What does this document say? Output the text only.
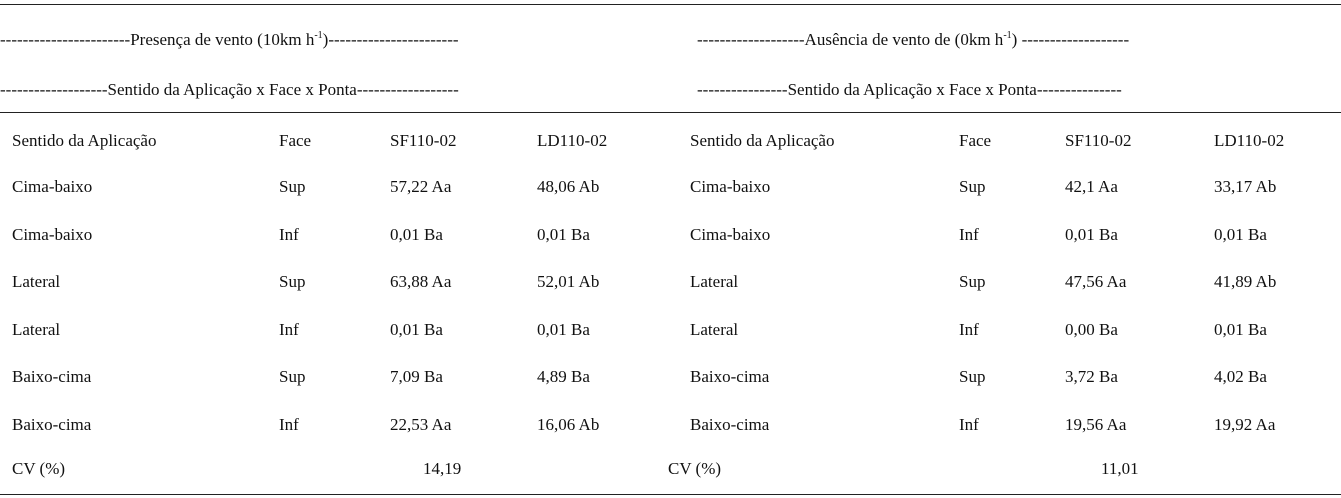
-----------------------Presença de vento (10km $h^{-1})-----------------------$
-------------------Sentido da Aplicação x Face x Ponta------------------
-------------------Ausência de vento de (0km $h^{-1}$) -------------------
----------------Sentido da Aplicação x Face x Ponta---------------
Sentido da Aplicação	Face	SF110-02	LD110-02
Cima-baixo	Sup	57,22 Aa	48,06 Ab
Cima-baixo	Inf	0,01 Ba	0,01 Ba
Lateral	Sup	63,88 Aa	52,01 Ab
Lateral	Inf	0,01 Ba	0,01 Ba
Baixo-cima	Sup	7,09 Ba	4,89 Ba
Baixo-cima	Inf	22,53 Aa	16,06 Ab
CV (%)	14,19
Sentido da Aplicação	Face	SF110-02	LD110-02
Cima-baixo	Sup	42,1 Aa	33,17 Ab
Cima-baixo	Inf	0,01 Ba	0,01 Ba
Lateral	Sup	47,56 Aa	41,89 Ab
Lateral	Inf	0,00 Ba	0,01 Ba
Baixo-cima	Sup	3,72 Ba	4,02 Ba
Baixo-cima	Inf	19,56 Aa	19,92 Aa
CV (%)	11,01
